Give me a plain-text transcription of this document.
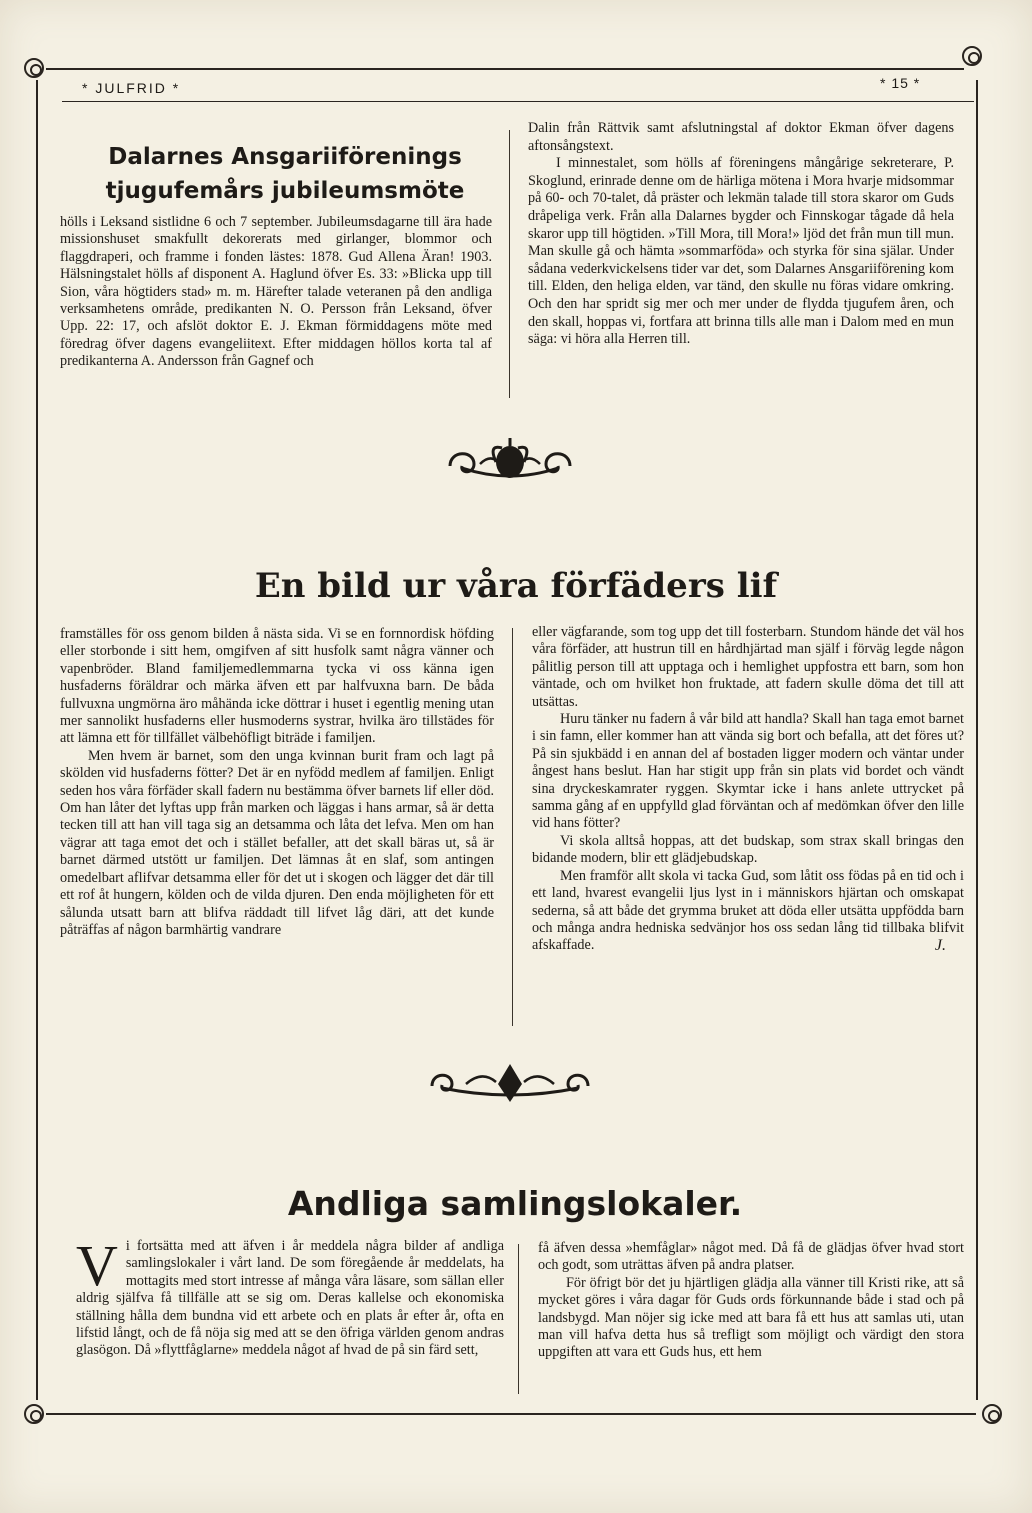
* JULFRID *	* 15 *
Dalarnes Ansgariiförenings tjugufemårs jubileumsmöte

hölls i Leksand sistlidne 6 och 7 september. Jubileumsdagarne till ära hade missionshuset smakfullt dekorerats med girlanger, blommor och flaggdraperi, och framme i fonden lästes: 1878. Gud Allena Äran! 1903. Hälsningstalet hölls af disponent A. Haglund öfver Es. 33: »Blicka upp till Sion, våra högtiders stad» m. m. Härefter talade veteranen på den andliga verksamhetens område, predikanten N. O. Persson från Leksand, öfver Upp. 22: 17, och afslöt doktor E. J. Ekman förmiddagens möte med föredrag öfver dagens evangeliitext. Efter middagen höllos korta tal af predikanterna A. Andersson från Gagnef och

Dalin från Rättvik samt afslutningstal af doktor Ekman öfver dagens aftonsångstext.

I minnestalet, som hölls af föreningens mångårige sekreterare, P. Skoglund, erinrade denne om de härliga mötena i Mora hvarje midsommar på 60- och 70-talet, då präster och lekmän talade till stora skaror om Guds dråpeliga verk. Från alla Dalarnes bygder och Finnskogar tågade då hela skaror upp till högtiden. »Till Mora, till Mora!» ljöd det från mun till mun. Man skulle gå och hämta »sommarföda» och styrka för sina själar. Under sådana vederkvickelsens tider var det, som Dalarnes Ansgariiförening kom till. Elden, den heliga elden, var tänd, den skulle nu föras vidare omkring. Och den har spridt sig mer och mer under de flydda tjugufem åren, och den skall, hoppas vi, fortfara att brinna tills alle man i Dalom med en mun säga: vi höra alla Herren till.

En bild ur våra förfäders lif

framställes för oss genom bilden å nästa sida. Vi se en fornnordisk höfding eller storbonde i sitt hem, omgifven af sitt husfolk samt några vänner och vapenbröder. Bland familjemedlemmarna tycka vi oss känna igen husfaderns föräldrar och märka äfven ett par halfvuxna barn. De båda fullvuxna ungmörna äro måhända icke döttrar i huset i egentlig mening utan mer sannolikt husfaderns eller husmoderns systrar, hvilka äro tillstädes för att lämna ett för tillfället välbehöfligt biträde i familjen.

Men hvem är barnet, som den unga kvinnan burit fram och lagt på skölden vid husfaderns fötter? Det är en nyfödd medlem af familjen. Enligt seden hos våra förfäder skall fadern nu bestämma öfver barnets lif eller död. Om han låter det lyftas upp från marken och läggas i hans armar, så är detta tecken till att han vill taga sig an detsamma och låta det lefva. Men om han vägrar att taga emot det och i stället befaller, att det skall bäras ut, så är barnet därmed utstött ur familjen. Det lämnas åt en slaf, som antingen omedelbart aflifvar detsamma eller för det ut i skogen och lägger det där till ett rof åt hungern, kölden och de vilda djuren. Den enda möjligheten för ett sålunda utsatt barn att blifva räddadt till lifvet låg däri, att det kunde påträffas af någon barmhärtig vandrare

eller vägfarande, som tog upp det till fosterbarn. Stundom hände det väl hos våra förfäder, att hustrun till en hårdhjärtad man själf i förväg legde någon pålitlig person till att upptaga och i hemlighet uppfostra ett barn, som hon väntade, och om hvilket hon fruktade, att fadern skulle döma det till att utsättas.

Huru tänker nu fadern å vår bild att handla? Skall han taga emot barnet i sin famn, eller kommer han att vända sig bort och befalla, att det föres ut? På sin sjukbädd i en annan del af bostaden ligger modern och väntar under ångest hans beslut. Han har stigit upp från sin plats vid bordet och vändt sina dryckeskamrater ryggen. Skymtar icke i hans anlete uttrycket på samma gång af en uppfylld glad förväntan och af medömkan öfver den lille vid hans fötter?

Vi skola alltså hoppas, att det budskap, som strax skall bringas den bidande modern, blir ett glädjebudskap.

Men framför allt skola vi tacka Gud, som låtit oss födas på en tid och i ett land, hvarest evangelii ljus lyst in i människors hjärtan och omskapat sederna, så att både det grymma bruket att döda eller utsätta uppfödda barn och många andra hedniska sedvänjor hos oss sedan lång tid tillbaka blifvit afskaffade.	J.

Andliga samlingslokaler.

Vi fortsätta med att äfven i år meddela några bilder af andliga samlingslokaler i vårt land. De som föregående år meddelats, ha mottagits med stort intresse af många våra läsare, som sällan eller aldrig själfva få tillfälle att se sig om. Deras kallelse och ekonomiska ställning hålla dem bundna vid ett arbete och en plats år efter år, ofta en lifstid långt, och de få nöja sig med att se den öfriga världen genom andras glasögon. Då »flyttfåglarne» meddela något af hvad de på sin färd sett,

få äfven dessa »hemfåglar» något med. Då få de glädjas öfver hvad stort och godt, som uträttas äfven på andra platser.

För öfrigt bör det ju hjärtligen glädja alla vänner till Kristi rike, att så mycket göres i våra dagar för Guds ords förkunnande både i stad och på landsbygd. Man nöjer sig icke med att bara få ett hus att samlas uti, utan man vill hafva detta hus så trefligt som möjligt och värdigt den stora uppgiften att vara ett Guds hus, ett hem
